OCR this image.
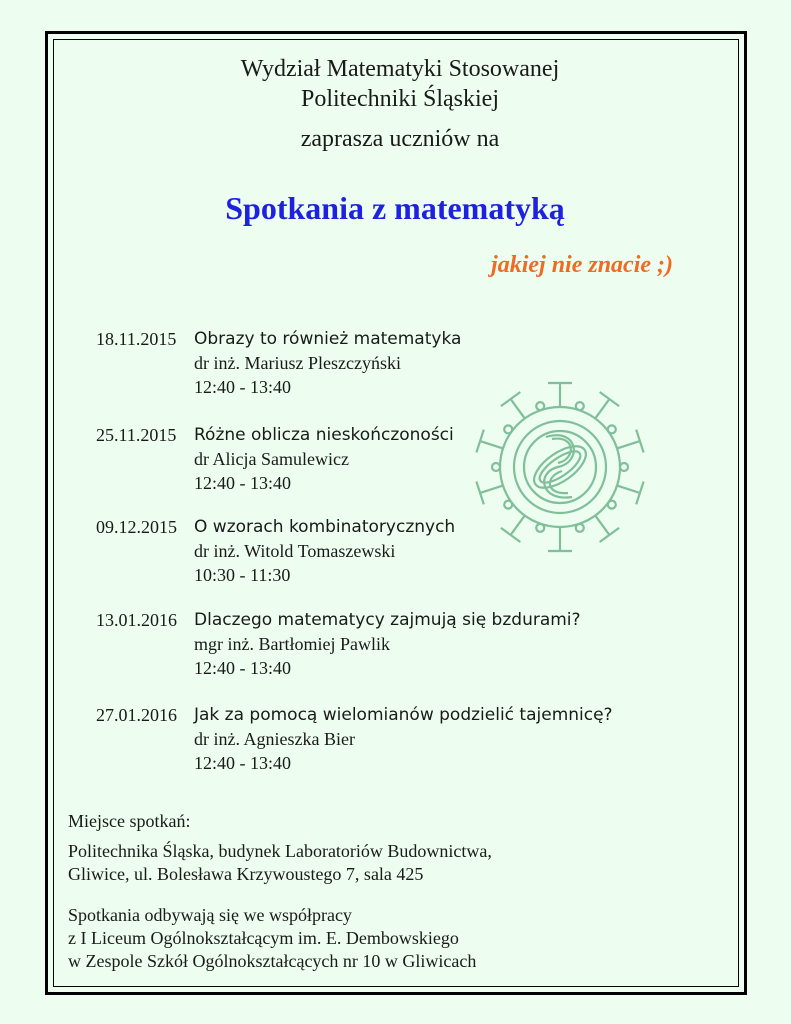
Wydział Matematyki Stosowanej
Politechniki Śląskiej
zaprasza uczniów na
Spotkania z matematyką
jakiej nie znacie ;)
18.11.2015 Obrazy to również matematyka
dr inż. Mariusz Pleszczyński
12:40 - 13:40
25.11.2015 Różne oblicza nieskończoności
dr Alicja Samulewicz
12:40 - 13:40
09.12.2015 O wzorach kombinatorycznych
dr inż. Witold Tomaszewski
10:30 - 11:30
13.01.2016 Dlaczego matematycy zajmują się bzdurami?
mgr inż. Bartłomiej Pawlik
12:40 - 13:40
27.01.2016 Jak za pomocą wielomianów podzielić tajemnicę?
dr inż. Agnieszka Bier
12:40 - 13:40
Miejsce spotkań:
Politechnika Śląska, budynek Laboratoriów Budownictwa,
Gliwice, ul. Bolesława Krzywoustego 7, sala 425
Spotkania odbywają się we współpracy
z I Liceum Ogólnokształcącym im. E. Dembowskiego
w Zespole Szkół Ogólnokształcących nr 10 w Gliwicach
